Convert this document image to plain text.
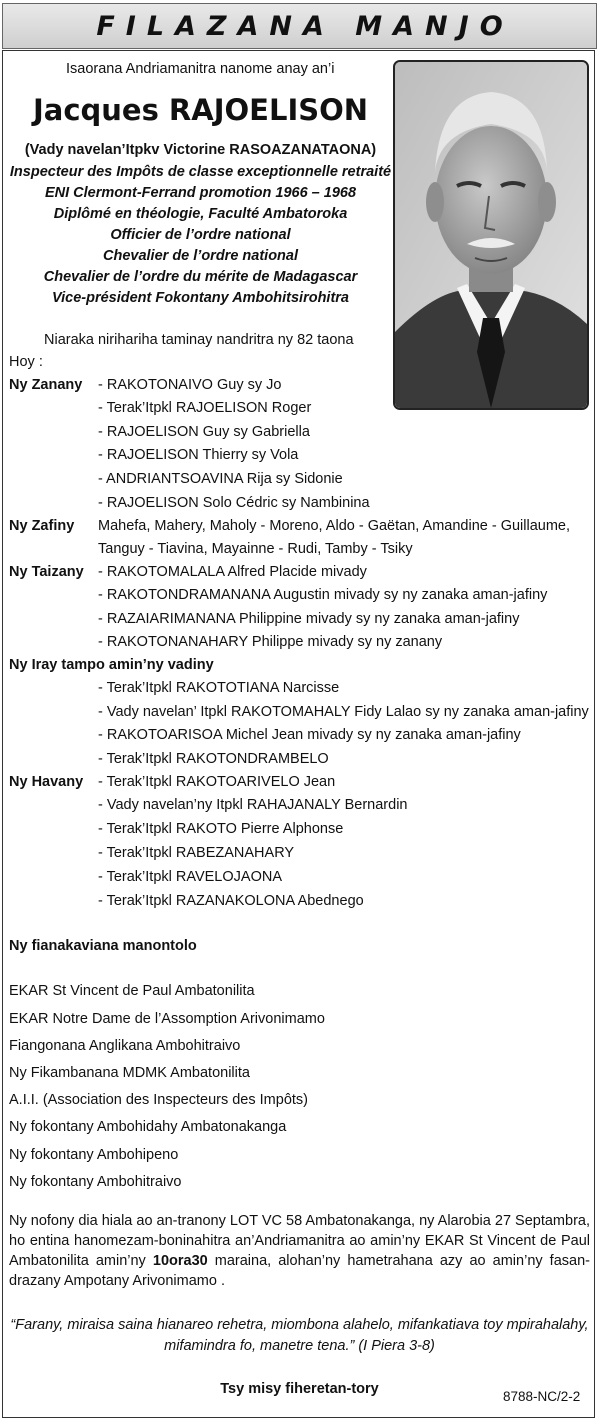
FILAZANA MANJO
Isaorana Andriamanitra nanome anay an’i
Jacques RAJOELISON
(Vady navelan’Itpkv Victorine RASOAZANATAONA)
Inspecteur des Impôts de classe exceptionnelle retraité
ENI Clermont-Ferrand promotion 1966 – 1968
Diplômé en théologie, Faculté Ambatoroka
Officier de l’ordre national
Chevalier de l’ordre national
Chevalier de l’ordre du mérite de Madagascar
Vice-président Fokontany Ambohitsirohitra
Niaraka nirihariha taminay nandritra ny 82 taona
Hoy :
Ny Zanany - RAKOTONAIVO Guy sy Jo
- Terak’Itpkl RAJOELISON Roger
- RAJOELISON Guy sy Gabriella
- RAJOELISON Thierry sy Vola
- ANDRIANTSOAVINA Rija sy Sidonie
- RAJOELISON Solo Cédric sy Nambinina
Ny Zafiny Mahefa, Mahery, Maholy - Moreno, Aldo - Gaëtan, Amandine - Guillaume,
Tanguy - Tiavina, Mayainne - Rudi, Tamby - Tsiky
Ny Taizany - RAKOTOMALALA Alfred Placide mivady
- RAKOTONDRAMANANA Augustin mivady sy ny zanaka aman-jafiny
- RAZAIARIMANANA Philippine mivady sy ny zanaka aman-jafiny
- RAKOTONANAHARY Philippe mivady sy ny zanany
Ny Iray tampo amin’ny vadiny
- Terak’Itpkl RAKOTOTIANA Narcisse
- Vady navelan’ Itpkl RAKOTOMAHALY Fidy Lalao sy ny zanaka aman-jafiny
- RAKOTOARISOA Michel Jean mivady sy ny zanaka aman-jafiny
- Terak’Itpkl RAKOTONDRAMBELO
Ny Havany - Terak’Itpkl RAKOTOARIVELO Jean
- Vady navelan’ny Itpkl RAHAJANALY Bernardin
- Terak’Itpkl RAKOTO Pierre Alphonse
- Terak’Itpkl RABEZANAHARY
- Terak’Itpkl RAVELOJAONA
- Terak’Itpkl RAZANAKOLONA Abednego
Ny fianakaviana manontolo
EKAR St Vincent de Paul Ambatonilita
EKAR Notre Dame de l’Assomption Arivonimamo
Fiangonana Anglikana Ambohitraivo
Ny Fikambanana MDMK Ambatonilita
A.I.I. (Association des Inspecteurs des Impôts)
Ny fokontany Ambohidahy Ambatonakanga
Ny fokontany Ambohipeno
Ny fokontany Ambohitraivo
Ny nofony dia hiala ao an-tranony LOT VC 58 Ambatonakanga, ny Alarobia 27 Septambra, ho entina hanomezam-boninahitra an’Andriamanitra ao amin’ny EKAR St Vincent de Paul Ambatonilita amin’ny 10ora30 maraina, alohan’ny hametrahana azy ao amin’ny fasan-drazany Ampotany Arivonimamo .
“Farany, miraisa saina hianareo rehetra, miombona alahelo, mifankatiava toy mpirahalahy,
mifamindra fo, manetre tena.” (I Piera 3-8)
Tsy misy fiheretan-tory	8788-NC/2-2
